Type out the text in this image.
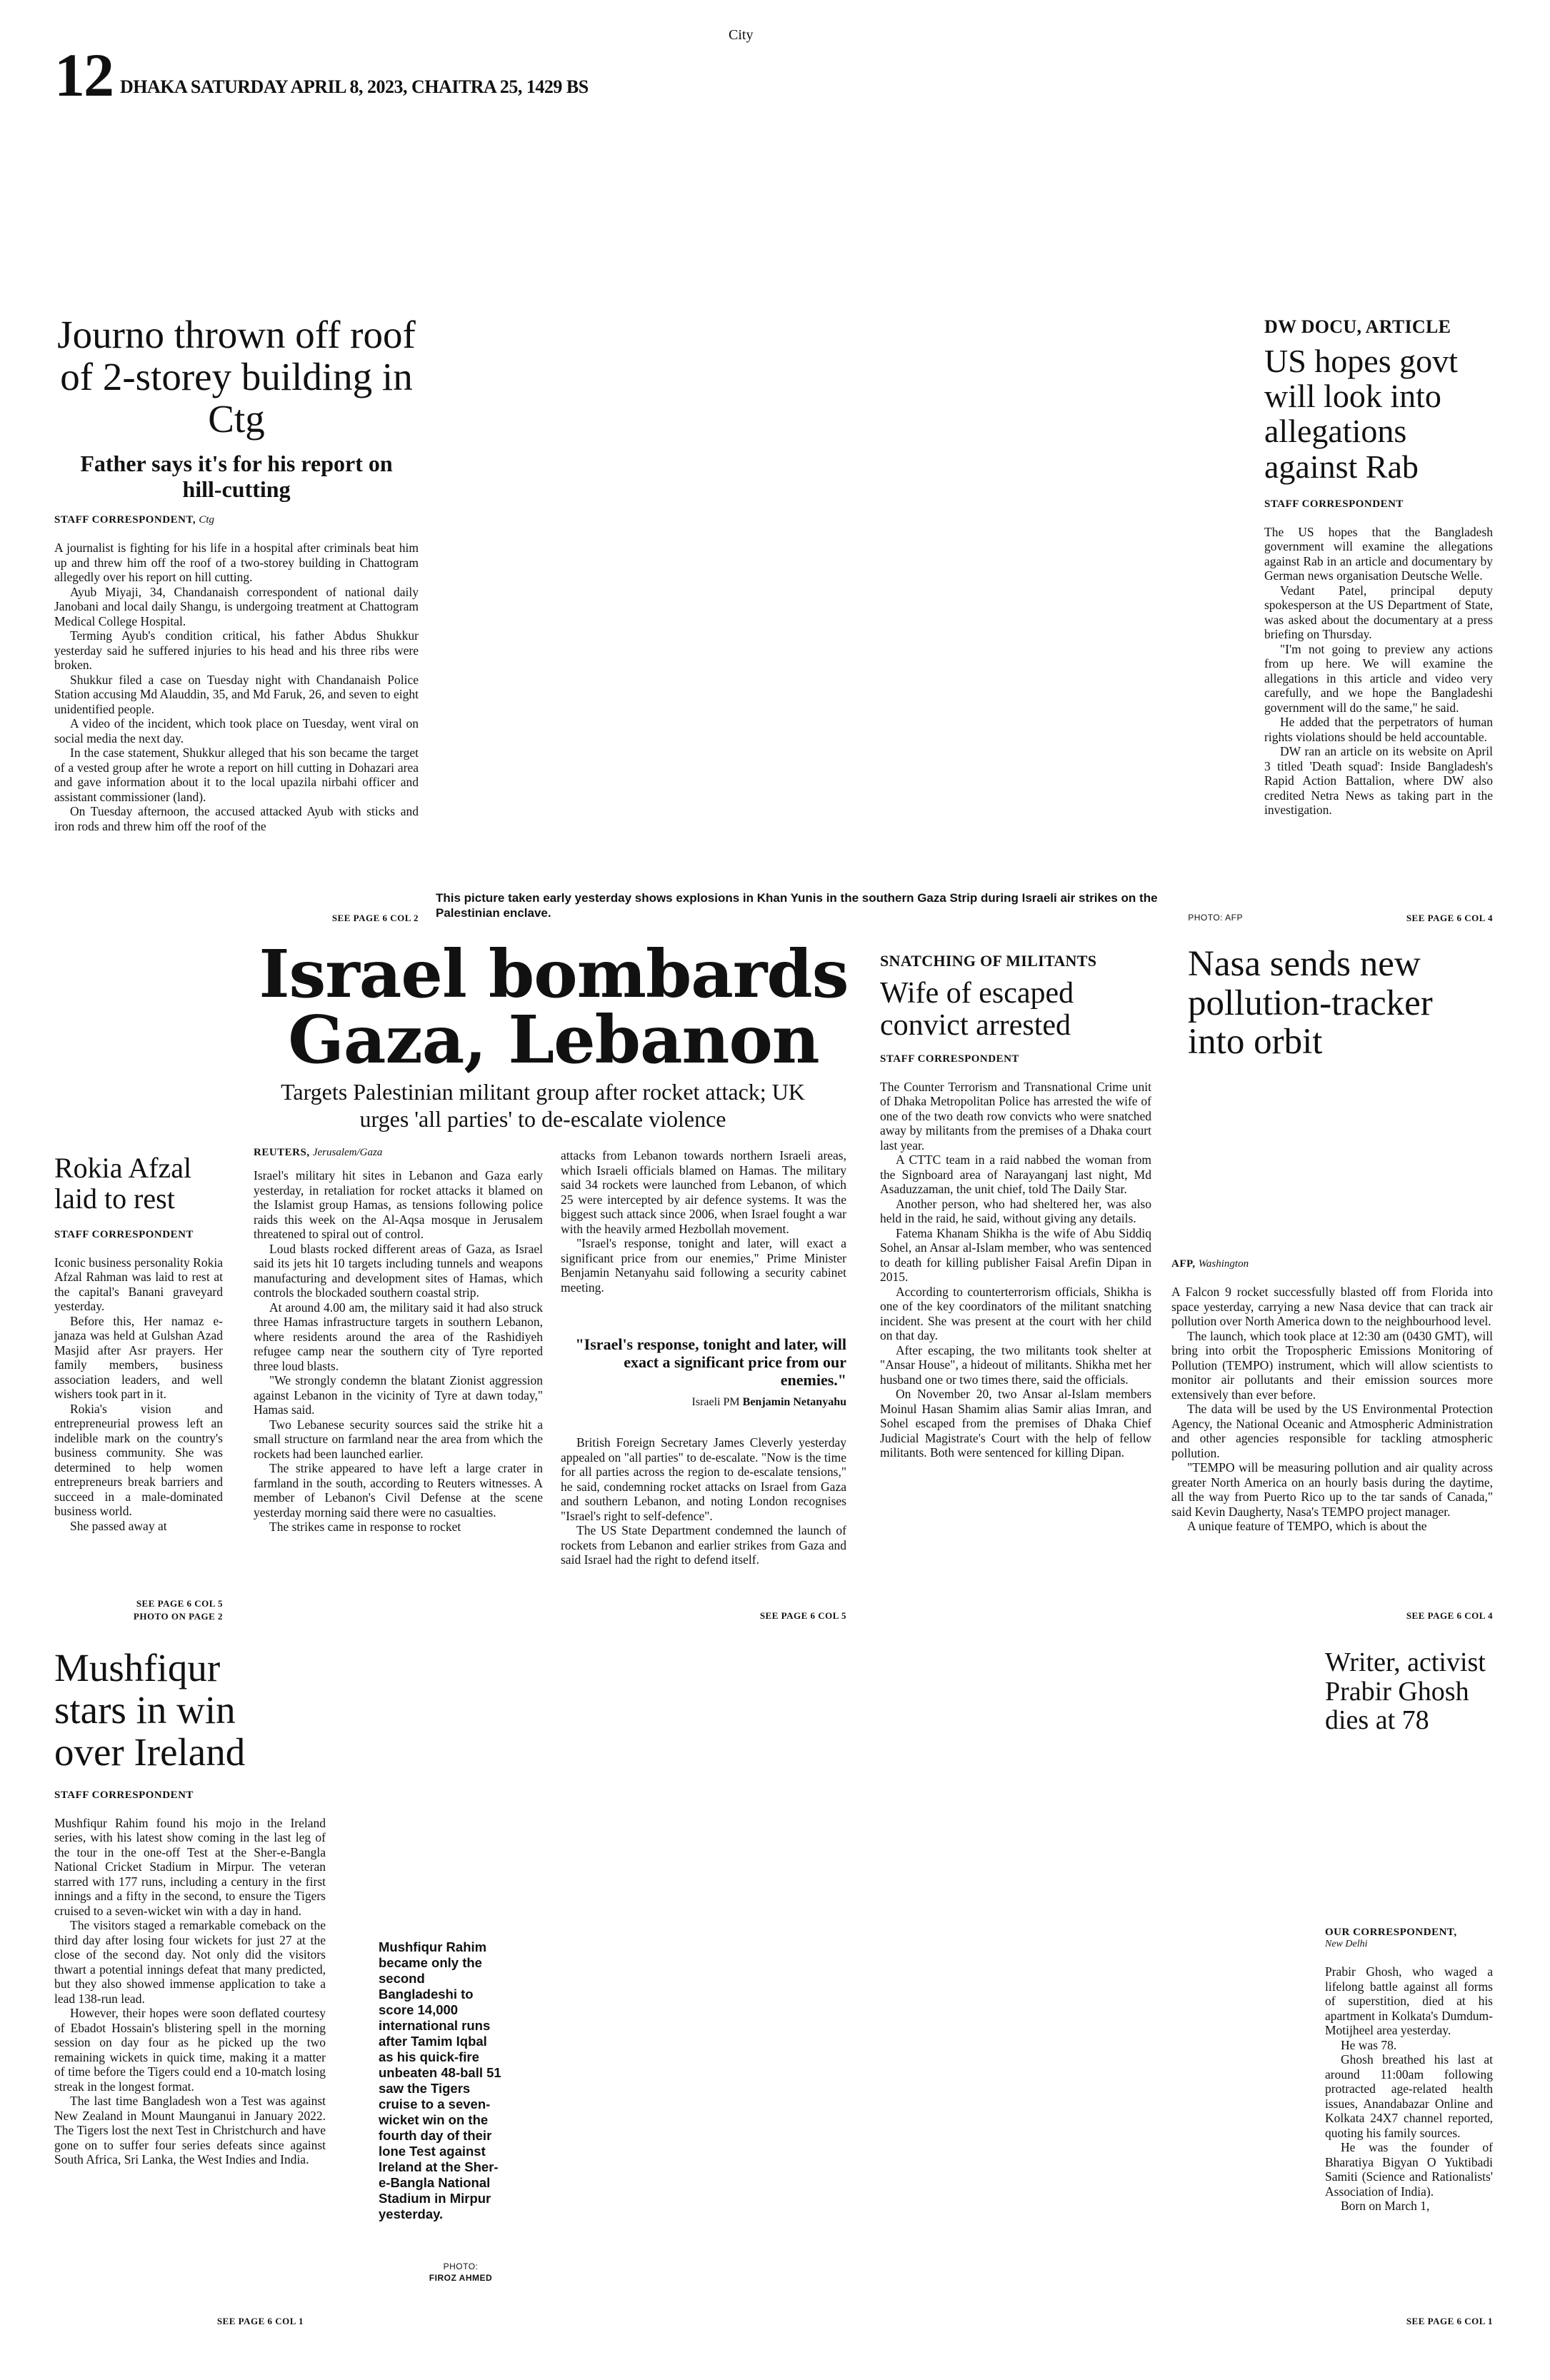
City
12 DHAKA SATURDAY APRIL 8, 2023, CHAITRA 25, 1429 BS
Journo thrown off roof of 2-storey building in Ctg
Father says it's for his report on hill-cutting
STAFF CORRESPONDENT, Ctg

A journalist is fighting for his life in a hospital after criminals beat him up and threw him off the roof of a two-storey building in Chattogram allegedly over his report on hill cutting.

Ayub Miyaji, 34, Chandanaish correspondent of national daily Janobani and local daily Shangu, is undergoing treatment at Chattogram Medical College Hospital.

Terming Ayub's condition critical, his father Abdus Shukkur yesterday said he suffered injuries to his head and his three ribs were broken.

Shukkur filed a case on Tuesday night with Chandanaish Police Station accusing Md Alauddin, 35, and Md Faruk, 26, and seven to eight unidentified people.

A video of the incident, which took place on Tuesday, went viral on social media the next day.

In the case statement, Shukkur alleged that his son became the target of a vested group after he wrote a report on hill cutting in Dohazari area and gave information about it to the local upazila nirbahi officer and assistant commissioner (land).

On Tuesday afternoon, the accused attacked Ayub with sticks and iron rods and threw him off the roof of the

SEE PAGE 6 COL 2
This picture taken early yesterday shows explosions in Khan Yunis in the southern Gaza Strip during Israeli air strikes on the Palestinian enclave.	PHOTO: AFP
DW DOCU, ARTICLE
US hopes govt will look into allegations against Rab
STAFF CORRESPONDENT

The US hopes that the Bangladesh government will examine the allegations against Rab in an article and documentary by German news organisation Deutsche Welle.

Vedant Patel, principal deputy spokesperson at the US Department of State, was asked about the documentary at a press briefing on Thursday.

"I'm not going to preview any actions from up here. We will examine the allegations in this article and video very carefully, and we hope the Bangladeshi government will do the same," he said.

He added that the perpetrators of human rights violations should be held accountable.

DW ran an article on its website on April 3 titled 'Death squad': Inside Bangladesh's Rapid Action Battalion, where DW also credited Netra News as taking part in the investigation.

SEE PAGE 6 COL 4
Israel bombards Gaza, Lebanon
Targets Palestinian militant group after rocket attack; UK urges 'all parties' to de-escalate violence
REUTERS, Jerusalem/Gaza

Israel's military hit sites in Lebanon and Gaza early yesterday, in retaliation for rocket attacks it blamed on the Islamist group Hamas, as tensions following police raids this week on the Al-Aqsa mosque in Jerusalem threatened to spiral out of control.

Loud blasts rocked different areas of Gaza, as Israel said its jets hit 10 targets including tunnels and weapons manufacturing and development sites of Hamas, which controls the blockaded southern coastal strip.

At around 4.00 am, the military said it had also struck three Hamas infrastructure targets in southern Lebanon, where residents around the area of the Rashidiyeh refugee camp near the southern city of Tyre reported three loud blasts.

"We strongly condemn the blatant Zionist aggression against Lebanon in the vicinity of Tyre at dawn today," Hamas said.

Two Lebanese security sources said the strike hit a small structure on farmland near the area from which the rockets had been launched earlier.

The strike appeared to have left a large crater in farmland in the south, according to Reuters witnesses. A member of Lebanon's Civil Defense at the scene yesterday morning said there were no casualties.

The strikes came in response to rocket

attacks from Lebanon towards northern Israeli areas, which Israeli officials blamed on Hamas. The military said 34 rockets were launched from Lebanon, of which 25 were intercepted by air defence systems. It was the biggest such attack since 2006, when Israel fought a war with the heavily armed Hezbollah movement.

"Israel's response, tonight and later, will exact a significant price from our enemies," Prime Minister Benjamin Netanyahu said following a security cabinet meeting.

"Israel's response, tonight and later, will exact a significant price from our enemies."
Israeli PM Benjamin Netanyahu

British Foreign Secretary James Cleverly yesterday appealed on "all parties" to de-escalate. "Now is the time for all parties across the region to de-escalate tensions," he said, condemning rocket attacks on Israel from Gaza and southern Lebanon, and noting London recognises "Israel's right to self-defence".

The US State Department condemned the launch of rockets from Lebanon and earlier strikes from Gaza and said Israel had the right to defend itself.

SEE PAGE 6 COL 5
Rokia Afzal laid to rest
STAFF CORRESPONDENT

Iconic business personality Rokia Afzal Rahman was laid to rest at the capital's Banani graveyard yesterday.

Before this, Her namaz e-janaza was held at Gulshan Azad Masjid after Asr prayers. Her family members, business association leaders, and well wishers took part in it.

Rokia's vision and entrepreneurial prowess left an indelible mark on the country's business community. She was determined to help women entrepreneurs break barriers and succeed in a male-dominated business world.

She passed away at

SEE PAGE 6 COL 5
PHOTO ON PAGE 2
SNATCHING OF MILITANTS
Wife of escaped convict arrested
STAFF CORRESPONDENT

The Counter Terrorism and Transnational Crime unit of Dhaka Metropolitan Police has arrested the wife of one of the two death row convicts who were snatched away by militants from the premises of a Dhaka court last year.

A CTTC team in a raid nabbed the woman from the Signboard area of Narayanganj last night, Md Asaduzzaman, the unit chief, told The Daily Star.

Another person, who had sheltered her, was also held in the raid, he said, without giving any details.

Fatema Khanam Shikha is the wife of Abu Siddiq Sohel, an Ansar al-Islam member, who was sentenced to death for killing publisher Faisal Arefin Dipan in 2015.

According to counterterrorism officials, Shikha is one of the key coordinators of the militant snatching incident. She was present at the court with her child on that day.

After escaping, the two militants took shelter at "Ansar House", a hideout of militants. Shikha met her husband one or two times there, said the officials.

On November 20, two Ansar al-Islam members Moinul Hasan Shamim alias Samir alias Imran, and Sohel escaped from the premises of Dhaka Chief Judicial Magistrate's Court with the help of fellow militants. Both were sentenced for killing Dipan.

Nasa sends new pollution-tracker into orbit
AFP, Washington

A Falcon 9 rocket successfully blasted off from Florida into space yesterday, carrying a new Nasa device that can track air pollution over North America down to the neighbourhood level.

The launch, which took place at 12:30 am (0430 GMT), will bring into orbit the Tropospheric Emissions Monitoring of Pollution (TEMPO) instrument, which will allow scientists to monitor air pollutants and their emission sources more extensively than ever before.

The data will be used by the US Environmental Protection Agency, the National Oceanic and Atmospheric Administration and other agencies responsible for tackling atmospheric pollution.

"TEMPO will be measuring pollution and air quality across greater North America on an hourly basis during the daytime, all the way from Puerto Rico up to the tar sands of Canada," said Kevin Daugherty, Nasa's TEMPO project manager.

A unique feature of TEMPO, which is about the

SEE PAGE 6 COL 4
Mushfiqur stars in win over Ireland
STAFF CORRESPONDENT

Mushfiqur Rahim found his mojo in the Ireland series, with his latest show coming in the last leg of the tour in the one-off Test at the Sher-e-Bangla National Cricket Stadium in Mirpur. The veteran starred with 177 runs, including a century in the first innings and a fifty in the second, to ensure the Tigers cruised to a seven-wicket win with a day in hand.

The visitors staged a remarkable comeback on the third day after losing four wickets for just 27 at the close of the second day. Not only did the visitors thwart a potential innings defeat that many predicted, but they also showed immense application to take a lead 138-run lead.

However, their hopes were soon deflated courtesy of Ebadot Hossain's blistering spell in the morning session on day four as he picked up the two remaining wickets in quick time, making it a matter of time before the Tigers could end a 10-match losing streak in the longest format.

The last time Bangladesh won a Test was against New Zealand in Mount Maunganui in January 2022. The Tigers lost the next Test in Christchurch and have gone on to suffer four series defeats since against South Africa, Sri Lanka, the West Indies and India.

SEE PAGE 6 COL 1
Mushfiqur Rahim became only the second Bangladeshi to score 14,000 international runs after Tamim Iqbal as his quick-fire unbeaten 48-ball 51 saw the Tigers cruise to a seven-wicket win on the fourth day of their lone Test against Ireland at the Sher-e-Bangla National Stadium in Mirpur yesterday.
PHOTO:
FIROZ AHMED
Writer, activist Prabir Ghosh dies at 78
OUR CORRESPONDENT,
New Delhi

Prabir Ghosh, who waged a lifelong battle against all forms of superstition, died at his apartment in Kolkata's Dumdum-Motijheel area yesterday.

He was 78.

Ghosh breathed his last at around 11:00am following protracted age-related health issues, Anandabazar Online and Kolkata 24X7 channel reported, quoting his family sources.

He was the founder of Bharatiya Bigyan O Yuktibadi Samiti (Science and Rationalists' Association of India).

Born on March 1,

SEE PAGE 6 COL 1
